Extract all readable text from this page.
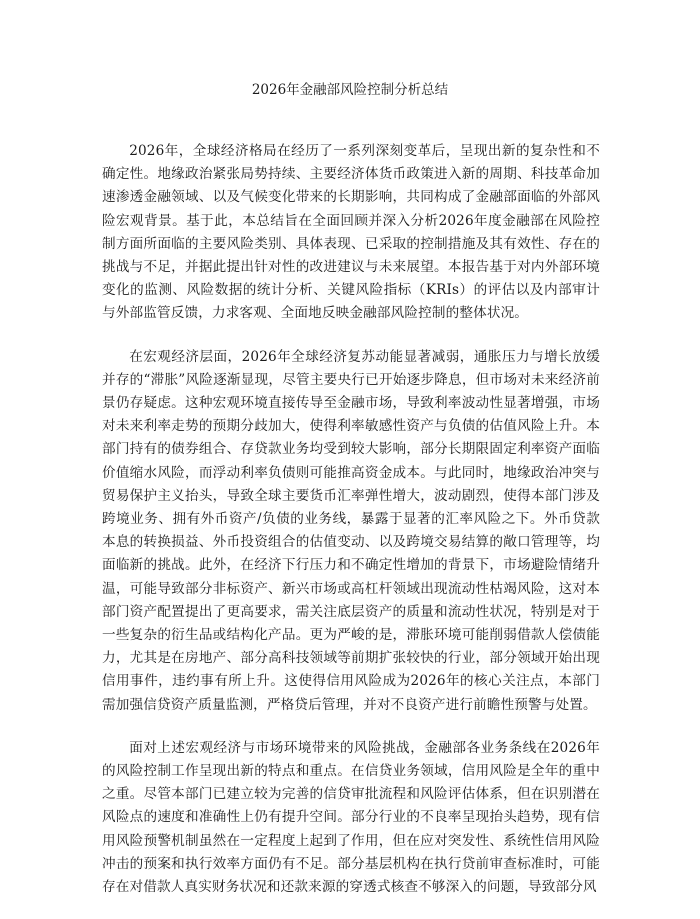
2026年金融部风险控制分析总结

2026年，全球经济格局在经历了一系列深刻变革后，呈现出新的复杂性和不确定性。地缘政治紧张局势持续、主要经济体货币政策进入新的周期、科技革命加速渗透金融领域、以及气候变化带来的长期影响，共同构成了金融部面临的外部风险宏观背景。基于此，本总结旨在全面回顾并深入分析2026年度金融部在风险控制方面所面临的主要风险类别、具体表现、已采取的控制措施及其有效性、存在的挑战与不足，并据此提出针对性的改进建议与未来展望。本报告基于对内外部环境变化的监测、风险数据的统计分析、关键风险指标（KRIs）的评估以及内部审计与外部监管反馈，力求客观、全面地反映金融部风险控制的整体状况。

在宏观经济层面，2026年全球经济复苏动能显著减弱，通胀压力与增长放缓并存的“滞胀”风险逐渐显现，尽管主要央行已开始逐步降息，但市场对未来经济前景仍存疑虑。这种宏观环境直接传导至金融市场，导致利率波动性显著增强，市场对未来利率走势的预期分歧加大，使得利率敏感性资产与负债的估值风险上升。本部门持有的债券组合、存贷款业务均受到较大影响，部分长期限固定利率资产面临价值缩水风险，而浮动利率负债则可能推高资金成本。与此同时，地缘政治冲突与贸易保护主义抬头，导致全球主要货币汇率弹性增大，波动剧烈，使得本部门涉及跨境业务、拥有外币资产/负债的业务线，暴露于显著的汇率风险之下。外币贷款本息的转换损益、外币投资组合的估值变动、以及跨境交易结算的敞口管理等，均面临新的挑战。此外，在经济下行压力和不确定性增加的背景下，市场避险情绪升温，可能导致部分非标资产、新兴市场或高杠杆领域出现流动性枯竭风险，这对本部门资产配置提出了更高要求，需关注底层资产的质量和流动性状况，特别是对于一些复杂的衍生品或结构化产品。更为严峻的是，滞胀环境可能削弱借款人偿债能力，尤其是在房地产、部分高科技领域等前期扩张较快的行业，部分领域开始出现信用事件，违约事有所上升。这使得信用风险成为2026年的核心关注点，本部门需加强信贷资产质量监测，严格贷后管理，并对不良资产进行前瞻性预警与处置。

面对上述宏观经济与市场环境带来的风险挑战，金融部各业务条线在2026年的风险控制工作呈现出新的特点和重点。在信贷业务领域，信用风险是全年的重中之重。尽管本部门已建立较为完善的信贷审批流程和风险评估体系，但在识别潜在风险点的速度和准确性上仍有提升空间。部分行业的不良率呈现抬头趋势，现有信用风险预警机制虽然在一定程度上起到了作用，但在应对突发性、系统性信用风险冲击的预案和执行效率方面仍有不足。部分基层机构在执行贷前审查标准时，可能存在对借款人真实财务状况和还款来源的穿透式核查不够深入的问题，导致部分风
